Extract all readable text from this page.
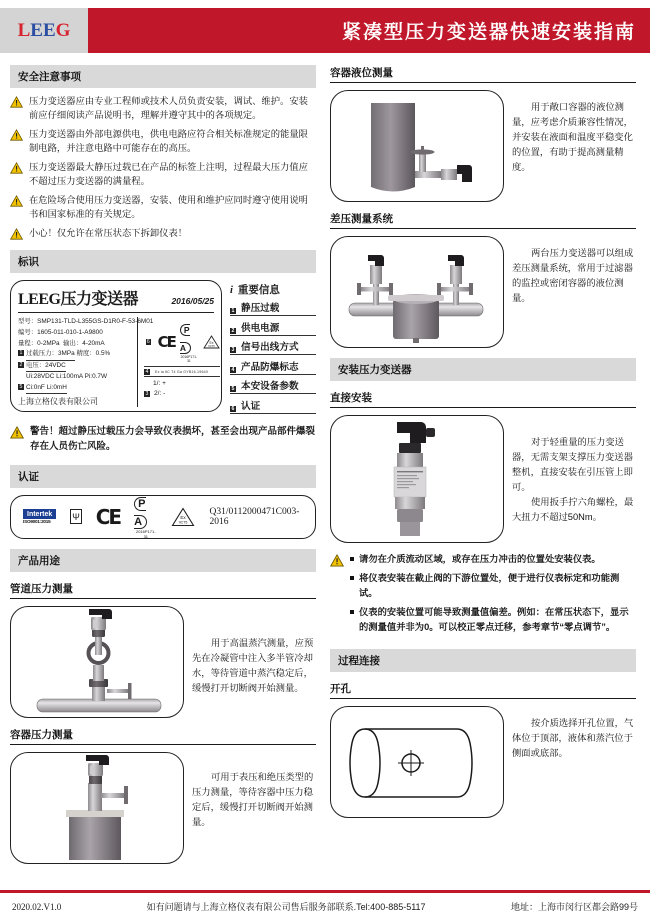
LEEG	紧凑型压力变送器快速安装指南
安全注意事项
压力变送器应由专业工程师或技术人员负责安装，调试、维护。安装前应仔细阅读产品说明书，理解并遵守其中的各项规定。
压力变送器由外部电源供电，供电电路应符合相关标准规定的能量限制电路，并注意电路中可能存在的高压。
压力变送器最大静压过载已在产品的标签上注明，过程最大压力值应不超过压力变送器的满量程。
在危险场合使用压力变送器，安装、使用和维护应同时遵守使用说明书和国家标准的有关规定。
小心！仅允许在常压状态下拆卸仪表！
标识
LEEG压力变送器	2016/05/25
型号：SMP131-TLD-L355GS-D1R0-F-53-6M01
编号：1605-011-010-1-A9800
量程：0-2MPa 输出：4-20mA
1 过载压力：3MPa 精度：0.5%
2 电压：24VDC
Ui:28VDC Li:100mA Pi:0.7W
5 Ci:0nF Li:0mH
上海立格仪表有限公司
6 CE
P A
2016P171-31
Ex
IICT5
4	Ex ia ⅡC T4 Ga GYB16.1964X
1/: +
3 2/: -
i 重要信息
1 静压过载
2 供电电源
3 信号出线方式
4 产品防爆标志
5 本安设备参数
6 认证
警告！超过静压过载压力会导致仪表损坏，甚至会出现产品部件爆裂存在人员伤亡风险。
认证
Intertek
ISO9001:2015	Ψ CE
P A
2016P171-31
Ex
IICT5
Q31/0112000471C003-2016
产品用途
管道压力测量
用于高温蒸汽测量，应预先在冷凝管中注入多半管冷却水，等待管道中蒸汽稳定后，缓慢打开切断阀开始测量。
容器压力测量
可用于表压和绝压类型的压力测量，等待容器中压力稳定后，缓慢打开切断阀开始测量。
容器液位测量
用于敞口容器的液位测量，应考虑介质兼容性情况，并安装在液面和温度平稳变化的位置，有助于提高测量精度。
差压测量系统
两台压力变送器可以组成差压测量系统，常用于过滤器的监控或密闭容器的液位测量。
安装压力变送器
直接安装
对于轻重量的压力变送器，无需支架支撑压力变送器整机，直接安装在引压管上即可。
使用扳手拧六角螺栓，最大扭力不超过50Nm。
请勿在介质流动区域，或存在压力冲击的位置处安装仪表。
将仪表安装在截止阀的下游位置处，便于进行仪表标定和功能测试。
仪表的安装位置可能导致测量值偏差。例如：在常压状态下，显示的测量值并非为0。可以校正零点迁移，参考章节“零点调节”。
过程连接
开孔
按介质选择开孔位置，气体位于顶部，液体和蒸汽位于侧面或底部。
2020.02.V1.0	如有问题请与上海立格仪表有限公司售后服务部联系.Tel:400-885-5117	地址：上海市闵行区都会路99号
